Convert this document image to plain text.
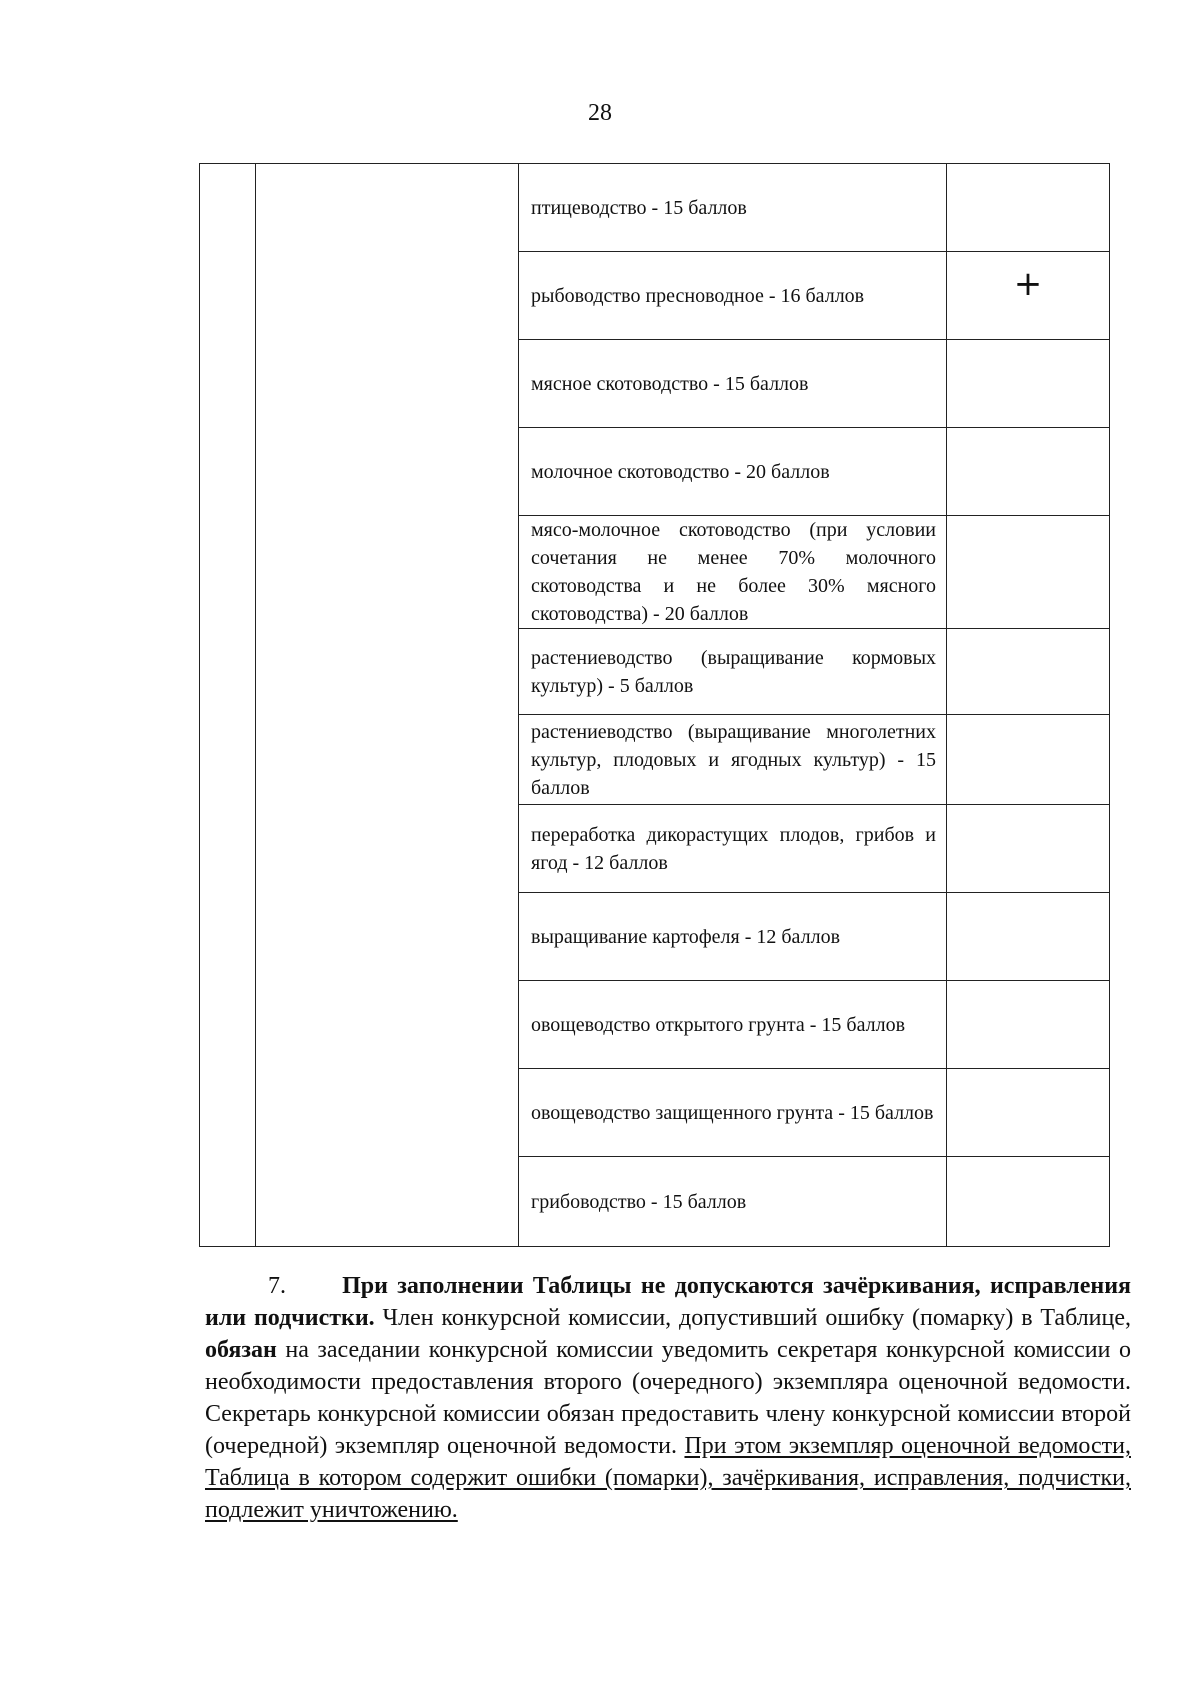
28
		птицеводство - 15 баллов	
		рыбоводство пресноводное - 16 баллов	+
		мясное скотоводство - 15 баллов	
		молочное скотоводство - 20 баллов	
		мясо-молочное скотоводство (при условии сочетания не менее 70% молочного скотоводства и не более 30% мясного скотоводства) - 20 баллов	
		растениеводство (выращивание кормовых культур) - 5 баллов	
		растениеводство (выращивание многолетних культур, плодовых и ягодных культур) - 15 баллов	
		переработка дикорастущих плодов, грибов и ягод - 12 баллов	
		выращивание картофеля - 12 баллов	
		овощеводство открытого грунта - 15 баллов	
		овощеводство защищенного грунта - 15 баллов	
		грибоводство - 15 баллов	

7. При заполнении Таблицы не допускаются зачёркивания, исправления или подчистки. Член конкурсной комиссии, допустивший ошибку (помарку) в Таблице, обязан на заседании конкурсной комиссии уведомить секретаря конкурсной комиссии о необходимости предоставления второго (очередного) экземпляра оценочной ведомости. Секретарь конкурсной комиссии обязан предоставить члену конкурсной комиссии второй (очередной) экземпляр оценочной ведомости. При этом экземпляр оценочной ведомости, Таблица в котором содержит ошибки (помарки), зачёркивания, исправления, подчистки, подлежит уничтожению.
